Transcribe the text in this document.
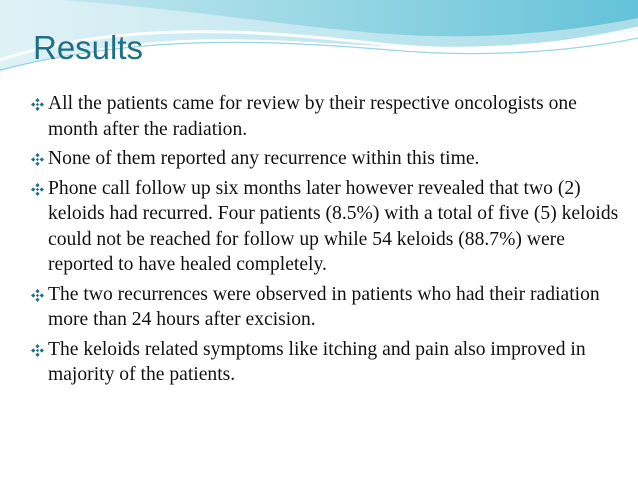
Results
All the patients came for review by their respective oncologists one month after the radiation.
None of them reported any recurrence within this time.
Phone call follow up six months later however revealed that two (2) keloids had recurred. Four patients (8.5%) with a total of five (5) keloids could not be reached for follow up while 54 keloids (88.7%) were reported to have healed completely.
The two recurrences were observed in patients who had their radiation more than 24 hours after excision.
The keloids related symptoms like itching and pain also improved in majority of the patients.
